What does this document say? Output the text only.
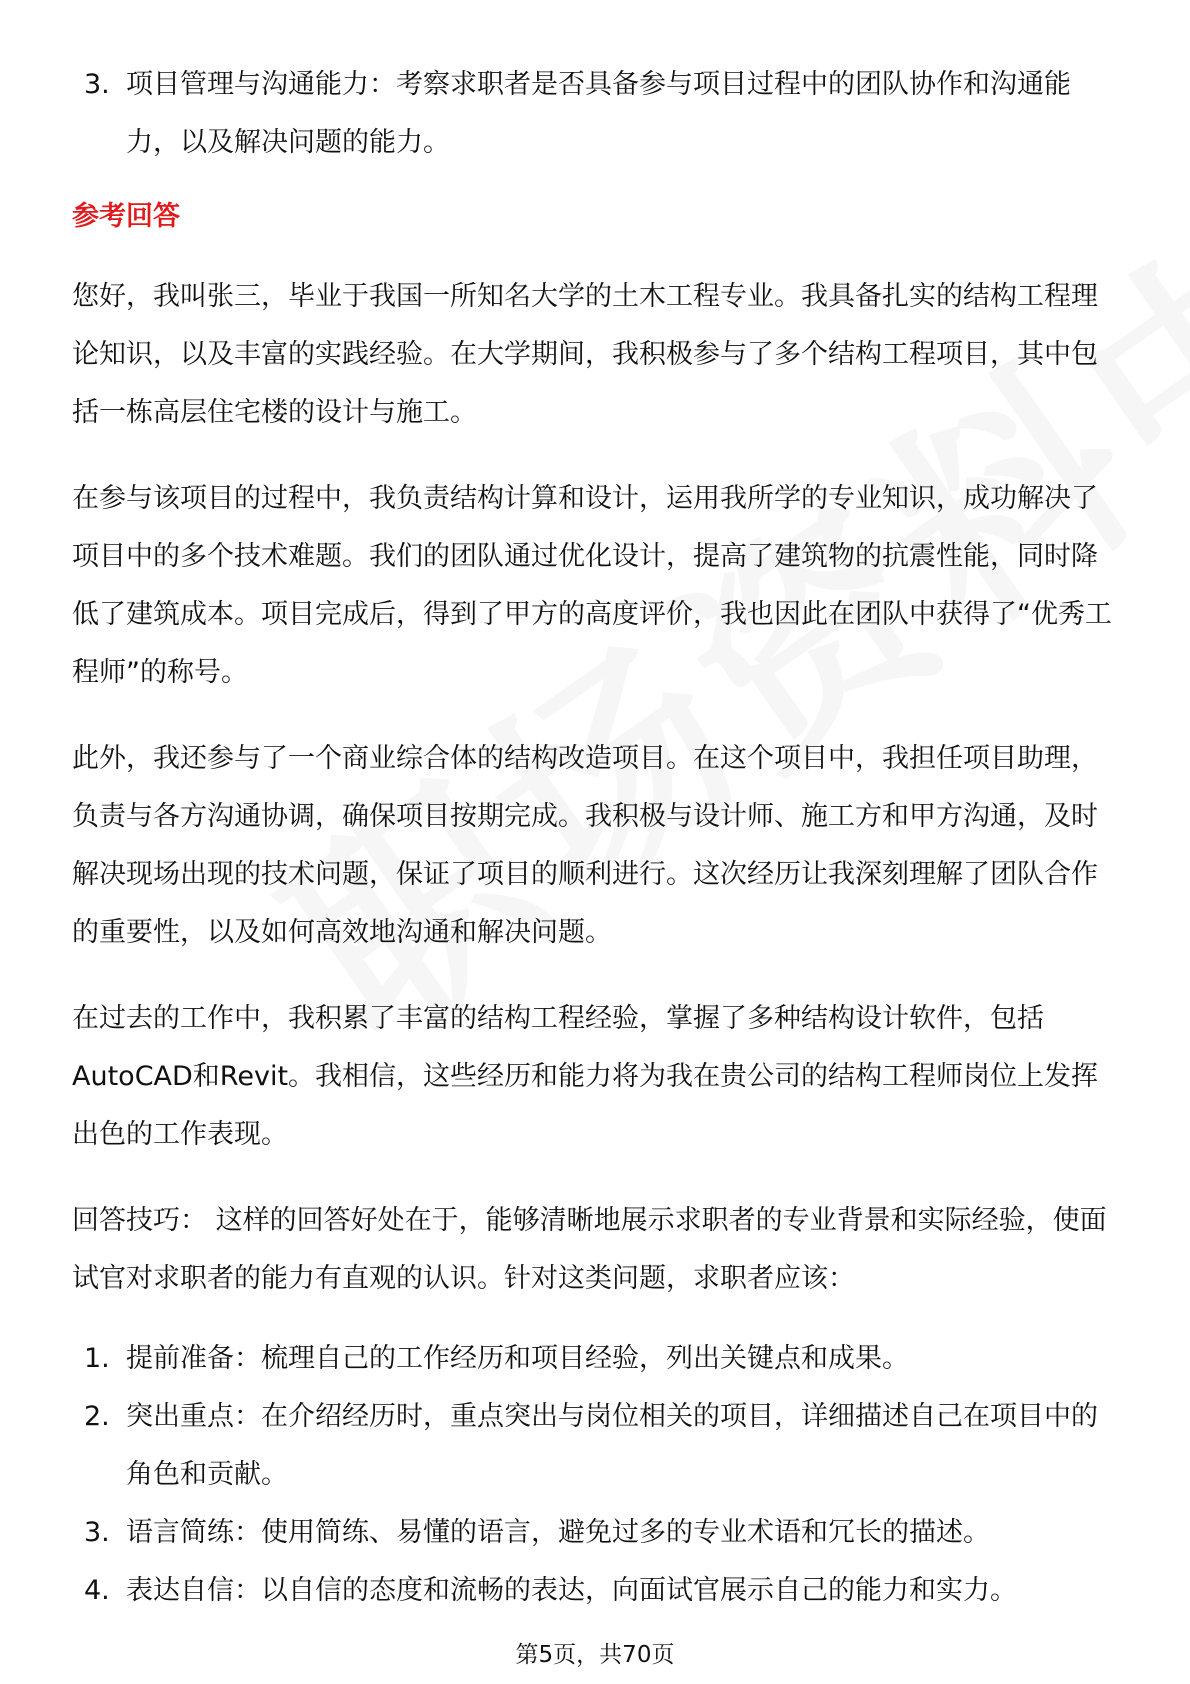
3. 项目管理与沟通能力：考察求职者是否具备参与项目过程中的团队协作和沟通能力，以及解决问题的能力。
参考回答

您好，我叫张三，毕业于我国一所知名大学的土木工程专业。我具备扎实的结构工程理论知识，以及丰富的实践经验。在大学期间，我积极参与了多个结构工程项目，其中包括一栋高层住宅楼的设计与施工。

在参与该项目的过程中，我负责结构计算和设计，运用我所学的专业知识，成功解决了项目中的多个技术难题。我们的团队通过优化设计，提高了建筑物的抗震性能，同时降低了建筑成本。项目完成后，得到了甲方的高度评价，我也因此在团队中获得了“优秀工程师”的称号。

此外，我还参与了一个商业综合体的结构改造项目。在这个项目中，我担任项目助理，负责与各方沟通协调，确保项目按期完成。我积极与设计师、施工方和甲方沟通，及时解决现场出现的技术问题，保证了项目的顺利进行。这次经历让我深刻理解了团队合作的重要性，以及如何高效地沟通和解决问题。

在过去的工作中，我积累了丰富的结构工程经验，掌握了多种结构设计软件，包括AutoCAD和Revit。我相信，这些经历和能力将为我在贵公司的结构工程师岗位上发挥出色的工作表现。

回答技巧： 这样的回答好处在于，能够清晰地展示求职者的专业背景和实际经验，使面试官对求职者的能力有直观的认识。针对这类问题，求职者应该：

1. 提前准备：梳理自己的工作经历和项目经验，列出关键点和成果。
2. 突出重点：在介绍经历时，重点突出与岗位相关的项目，详细描述自己在项目中的角色和贡献。
3. 语言简练：使用简练、易懂的语言，避免过多的专业术语和冗长的描述。
4. 表达自信：以自信的态度和流畅的表达，向面试官展示自己的能力和实力。
第5页，共70页
